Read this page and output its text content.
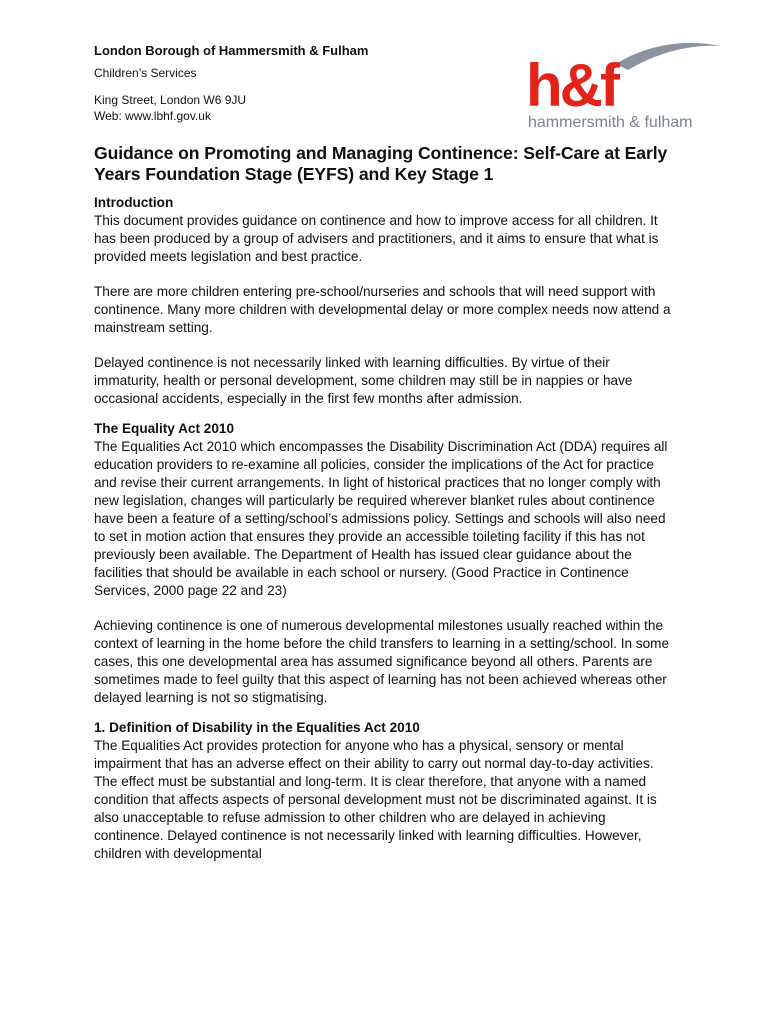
London Borough of Hammersmith & Fulham

Children’s Services

King Street, London W6 9JU

Web: www.lbhf.gov.uk	h&f
hammersmith & fulham
Guidance on Promoting and Managing Continence: Self-Care at Early Years Foundation Stage (EYFS) and Key Stage 1
Introduction

This document provides guidance on continence and how to improve access for all children. It has been produced by a group of advisers and practitioners, and it aims to ensure that what is provided meets legislation and best practice.

There are more children entering pre-school/nurseries and schools that will need support with continence. Many more children with developmental delay or more complex needs now attend a mainstream setting.

Delayed continence is not necessarily linked with learning difficulties. By virtue of their immaturity, health or personal development, some children may still be in nappies or have occasional accidents, especially in the first few months after admission.

The Equality Act 2010

The Equalities Act 2010 which encompasses the Disability Discrimination Act (DDA) requires all education providers to re-examine all policies, consider the implications of the Act for practice and revise their current arrangements. In light of historical practices that no longer comply with new legislation, changes will particularly be required wherever blanket rules about continence have been a feature of a setting/school’s admissions policy. Settings and schools will also need to set in motion action that ensures they provide an accessible toileting facility if this has not previously been available. The Department of Health has issued clear guidance about the facilities that should be available in each school or nursery. (Good Practice in Continence Services, 2000 page 22 and 23)

Achieving continence is one of numerous developmental milestones usually reached within the context of learning in the home before the child transfers to learning in a setting/school. In some cases, this one developmental area has assumed significance beyond all others. Parents are sometimes made to feel guilty that this aspect of learning has not been achieved whereas other delayed learning is not so stigmatising.

1. Definition of Disability in the Equalities Act 2010

The Equalities Act provides protection for anyone who has a physical, sensory or mental impairment that has an adverse effect on their ability to carry out normal day-to-day activities. The effect must be substantial and long-term. It is clear therefore, that anyone with a named condition that affects aspects of personal development must not be discriminated against. It is also unacceptable to refuse admission to other children who are delayed in achieving continence. Delayed continence is not necessarily linked with learning difficulties. However, children with developmental
